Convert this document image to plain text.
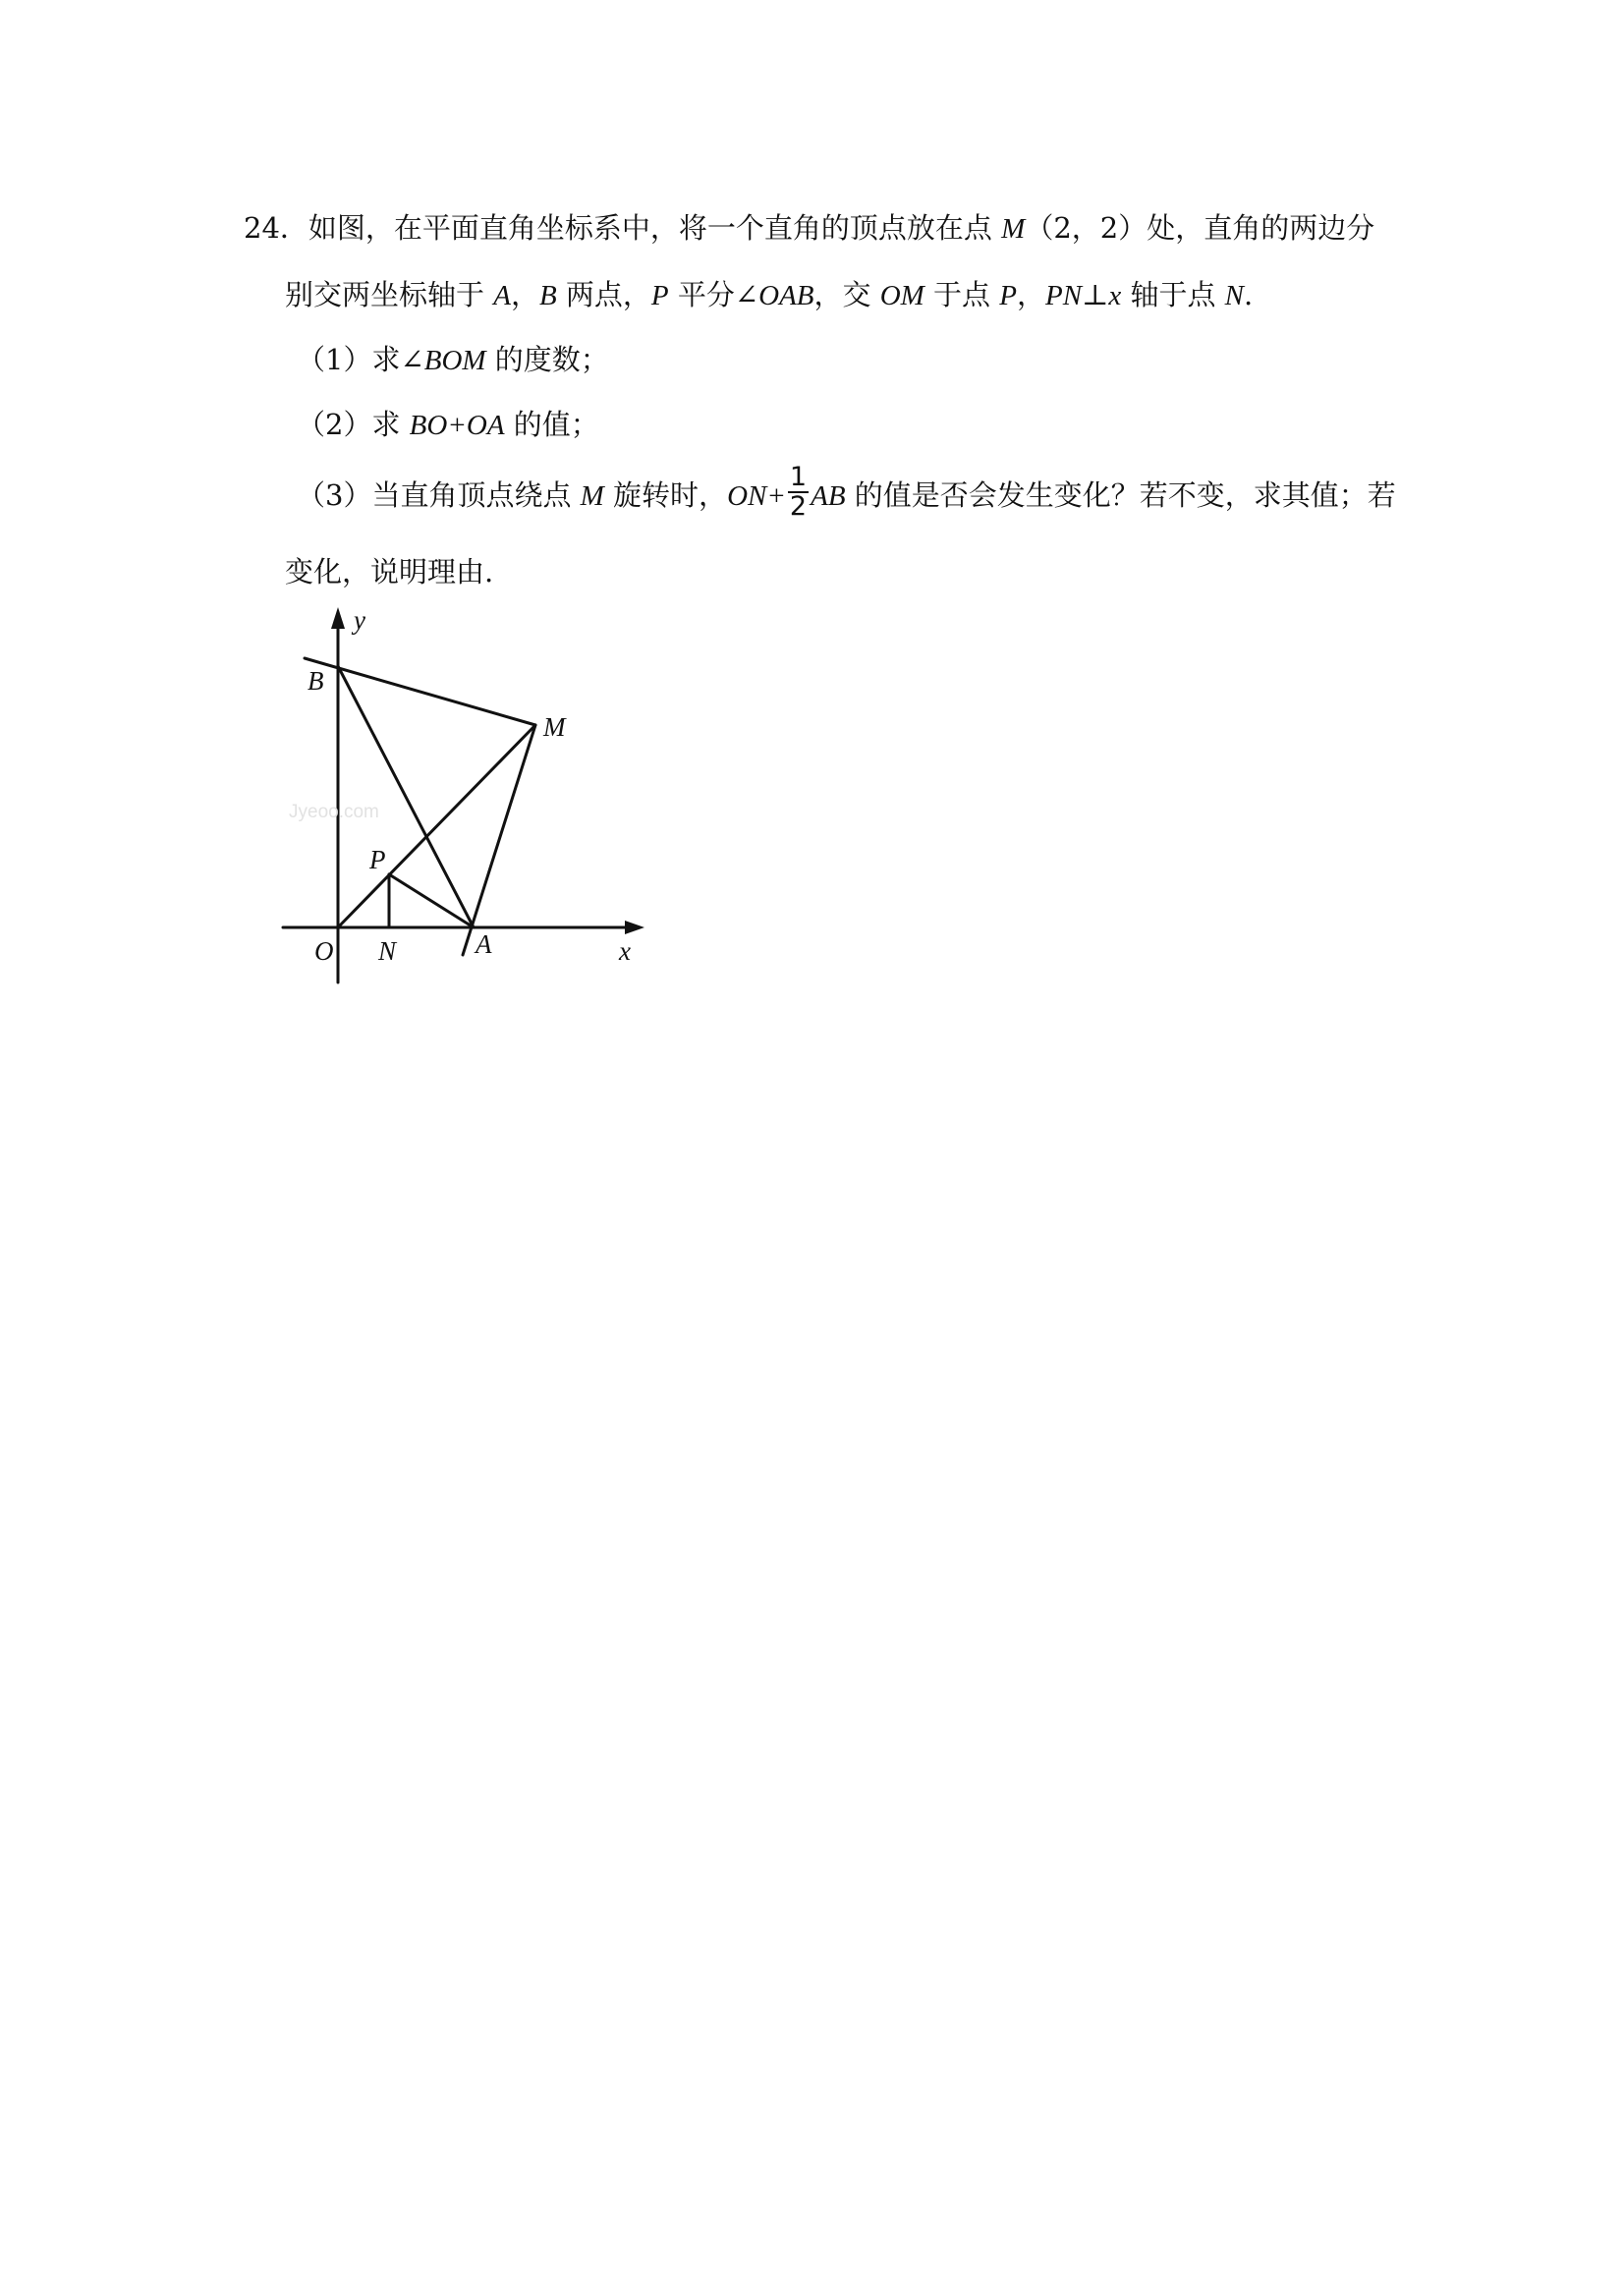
24．如图，在平面直角坐标系中，将一个直角的顶点放在点 M（2，2）处，直角的两边分
别交两坐标轴于 A，B 两点，P 平分∠OAB，交 OM 于点 P，PN⊥x 轴于点 N.
（1）求∠BOM 的度数；
（2）求 BO+OA 的值；
（3）当直角顶点绕点 M 旋转时，$ON+ \frac{1}{2}$ AB 的值是否会发生变化？若不变，求其值；若
变化，说明理由.
y
B
M
P
O N	A	x
Jyeoo.com
